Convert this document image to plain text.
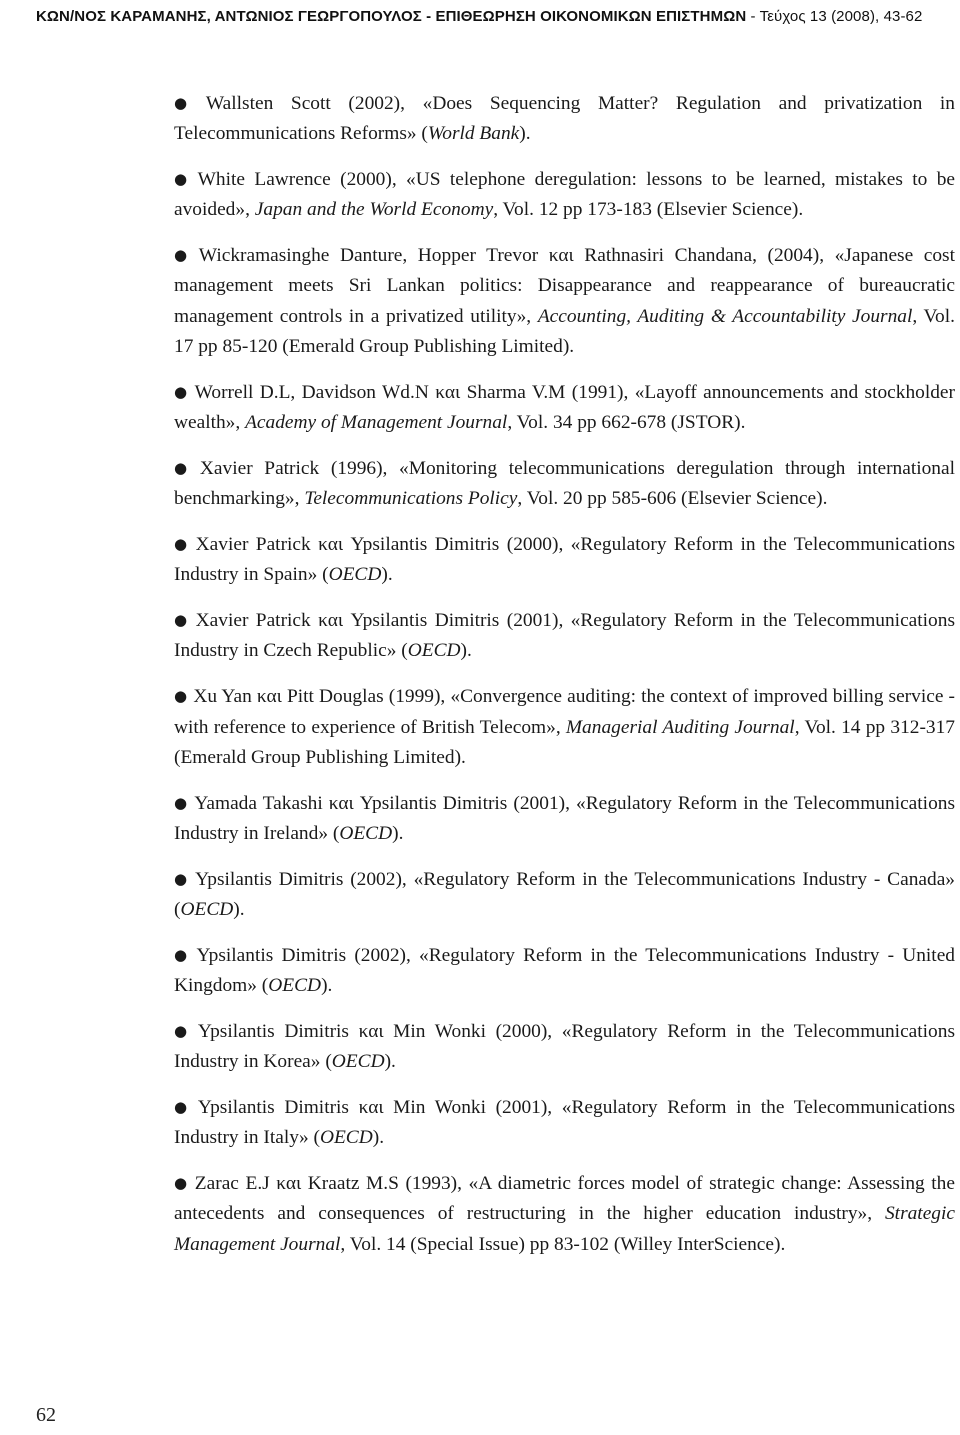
ΚΩΝ/ΝΟΣ ΚΑΡΑΜΑΝΗΣ, ΑΝΤΩΝΙΟΣ ΓΕΩΡΓΟΠΟΥΛΟΣ - ΕΠΙΘΕΩΡΗΣΗ ΟΙΚΟΝΟΜΙΚΩΝ ΕΠΙΣΤΗΜΩΝ - Τεύχος 13 (2008), 43-62
● Wallsten Scott (2002), «Does Sequencing Matter? Regulation and privatization in Telecommunications Reforms» (World Bank).
● White Lawrence (2000), «US telephone deregulation: lessons to be learned, mistakes to be avoided», Japan and the World Economy, Vol. 12 pp 173-183 (Elsevier Science).
● Wickramasinghe Danture, Hopper Trevor και Rathnasiri Chandana, (2004), «Japanese cost management meets Sri Lankan politics: Disappearance and reappearance of bureaucratic management controls in a privatized utility», Accounting, Auditing & Accountability Journal, Vol. 17 pp 85-120 (Emerald Group Publishing Limited).
● Worrell D.L, Davidson Wd.N και Sharma V.M (1991), «Layoff announcements and stockholder wealth», Academy of Management Journal, Vol. 34 pp 662-678 (JSTOR).
● Xavier Patrick (1996), «Monitoring telecommunications deregulation through international benchmarking», Telecommunications Policy, Vol. 20 pp 585-606 (Elsevier Science).
● Xavier Patrick και Ypsilantis Dimitris (2000), «Regulatory Reform in the Telecommunications Industry in Spain» (OECD).
● Xavier Patrick και Ypsilantis Dimitris (2001), «Regulatory Reform in the Telecommunications Industry in Czech Republic» (OECD).
● Xu Yan και Pitt Douglas (1999), «Convergence auditing: the context of improved billing service - with reference to experience of British Telecom», Managerial Auditing Journal, Vol. 14 pp 312-317 (Emerald Group Publishing Limited).
● Yamada Takashi και Ypsilantis Dimitris (2001), «Regulatory Reform in the Telecommunications Industry in Ireland» (OECD).
● Ypsilantis Dimitris (2002), «Regulatory Reform in the Telecommunications Industry - Canada» (OECD).
● Ypsilantis Dimitris (2002), «Regulatory Reform in the Telecommunications Industry - United Kingdom» (OECD).
● Ypsilantis Dimitris και Min Wonki (2000), «Regulatory Reform in the Telecommunications Industry in Korea» (OECD).
● Ypsilantis Dimitris και Min Wonki (2001), «Regulatory Reform in the Telecommunications Industry in Italy» (OECD).
● Zarac E.J και Kraatz M.S (1993), «A diametric forces model of strategic change: Assessing the antecedents and consequences of restructuring in the higher education industry», Strategic Management Journal, Vol. 14 (Special Issue) pp 83-102 (Willey InterScience).
62
